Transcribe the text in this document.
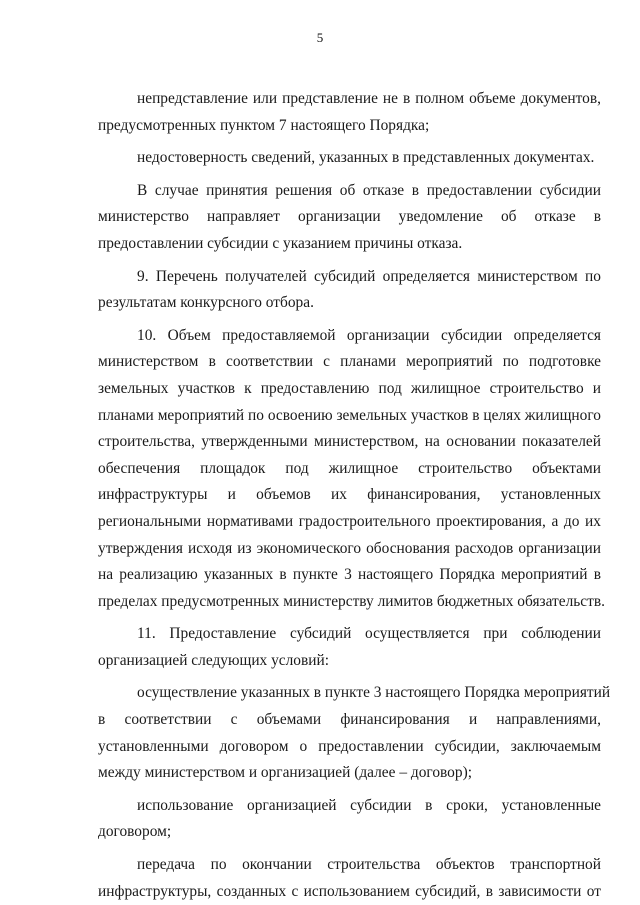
5
непредставление или представление не в полном объеме документов,
предусмотренных пунктом 7 настоящего Порядка;
недостоверность сведений, указанных в представленных документах.
В случае принятия решения об отказе в предоставлении субсидии
министерство направляет организации уведомление об отказе в
предоставлении субсидии с указанием причины отказа.
9. Перечень получателей субсидий определяется министерством по
результатам конкурсного отбора.
10. Объем предоставляемой организации субсидии определяется
министерством в соответствии с планами мероприятий по подготовке
земельных участков к предоставлению под жилищное строительство и
планами мероприятий по освоению земельных участков в целях жилищного
строительства, утвержденными министерством, на основании показателей
обеспечения площадок под жилищное строительство объектами
инфраструктуры и объемов их финансирования, установленных
региональными нормативами градостроительного проектирования, а до их
утверждения исходя из экономического обоснования расходов организации
на реализацию указанных в пункте 3 настоящего Порядка мероприятий в
пределах предусмотренных министерству лимитов бюджетных обязательств.
11. Предоставление субсидий осуществляется при соблюдении
организацией следующих условий:
осуществление указанных в пункте 3 настоящего Порядка мероприятий
в соответствии с объемами финансирования и направлениями,
установленными договором о предоставлении субсидии, заключаемым
между министерством и организацией (далее – договор);
использование организацией субсидии в сроки, установленные
договором;
передача по окончании строительства объектов транспортной
инфраструктуры, созданных с использованием субсидий, в зависимости от
